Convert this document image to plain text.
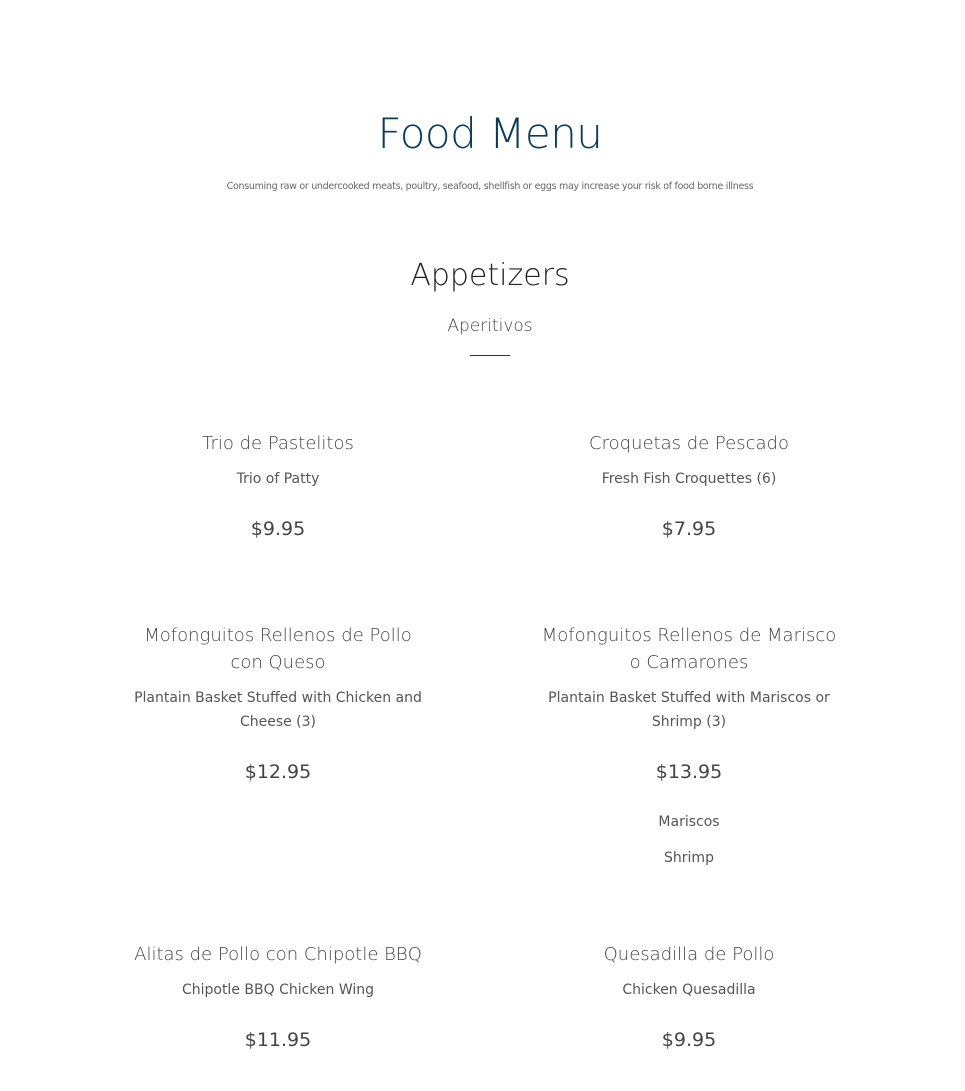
Food Menu

Consuming raw or undercooked meats, poultry, seafood, shellfish or eggs may increase your risk of food borne illness

Appetizers

Aperitivos

Trio de Pastelitos

Trio of Patty

$9.95

Croquetas de Pescado

Fresh Fish Croquettes (6)

$7.95

Mofonguitos Rellenos de Pollo con Queso

Plantain Basket Stuffed with Chicken and Cheese (3)

$12.95

Mofonguitos Rellenos de Marisco o Camarones

Plantain Basket Stuffed with Mariscos or Shrimp (3)

$13.95

Mariscos
Shrimp

Alitas de Pollo con Chipotle BBQ

Chipotle BBQ Chicken Wing

$11.95

Quesadilla de Pollo

Chicken Quesadilla

$9.95
